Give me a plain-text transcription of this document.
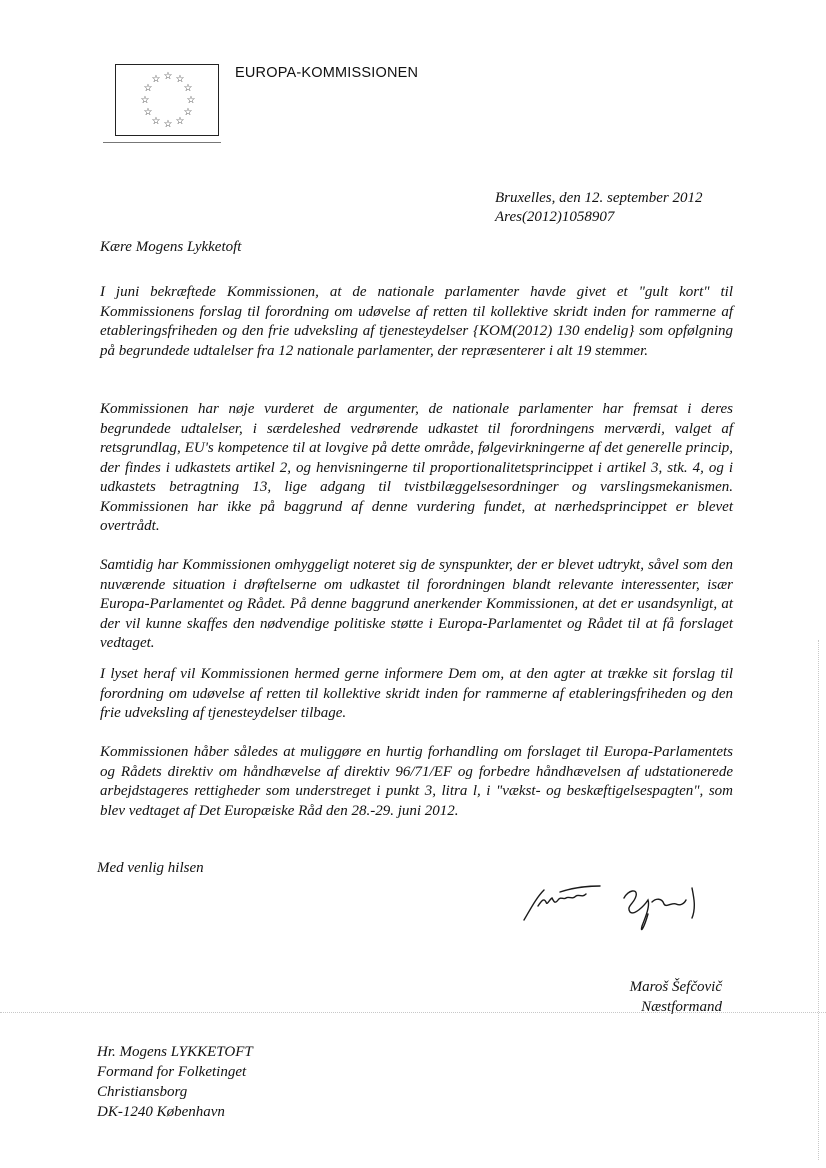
☆ ☆
☆
☆
☆
☆
☆
☆
☆
☆
☆
☆	EUROPA-KOMMISSIONEN
Bruxelles, den 12. september 2012
Ares(2012)1058907
Kære Mogens Lykketoft

I juni bekræftede Kommissionen, at de nationale parlamenter havde givet et "gult kort" til Kommissionens forslag til forordning om udøvelse af retten til kollektive skridt inden for rammerne af etableringsfriheden og den frie udveksling af tjenesteydelser {KOM(2012) 130 endelig} som opfølgning på begrundede udtalelser fra 12 nationale parlamenter, der repræsenterer i alt 19 stemmer.

Kommissionen har nøje vurderet de argumenter, de nationale parlamenter har fremsat i deres begrundede udtalelser, i særdeleshed vedrørende udkastet til forordningens merværdi, valget af retsgrundlag, EU's kompetence til at lovgive på dette område, følgevirkningerne af det generelle princip, der findes i udkastets artikel 2, og henvisningerne til proportionalitetsprincippet i artikel 3, stk. 4, og i udkastets betragtning 13, lige adgang til tvistbilæggelsesordninger og varslingsmekanismen. Kommissionen har ikke på baggrund af denne vurdering fundet, at nærhedsprincippet er blevet overtrådt.

Samtidig har Kommissionen omhyggeligt noteret sig de synspunkter, der er blevet udtrykt, såvel som den nuværende situation i drøftelserne om udkastet til forordningen blandt relevante interessenter, især Europa-Parlamentet og Rådet. På denne baggrund anerkender Kommissionen, at det er usandsynligt, at der vil kunne skaffes den nødvendige politiske støtte i Europa-Parlamentet og Rådet til at få forslaget vedtaget.

I lyset heraf vil Kommissionen hermed gerne informere Dem om, at den agter at trække sit forslag til forordning om udøvelse af retten til kollektive skridt inden for rammerne af etableringsfriheden og den frie udveksling af tjenesteydelser tilbage.

Kommissionen håber således at muliggøre en hurtig forhandling om forslaget til Europa-Parlamentets og Rådets direktiv om håndhævelse af direktiv 96/71/EF og forbedre håndhævelsen af udstationerede arbejdstageres rettigheder som understreget i punkt 3, litra l, i "vækst- og beskæftigelsespagten", som blev vedtaget af Det Europæiske Råd den 28.-29. juni 2012.

Med venlig hilsen
Maroš Šefčovič
Næstformand
Hr. Mogens LYKKETOFT
Formand for Folketinget
Christiansborg
DK-1240 København
